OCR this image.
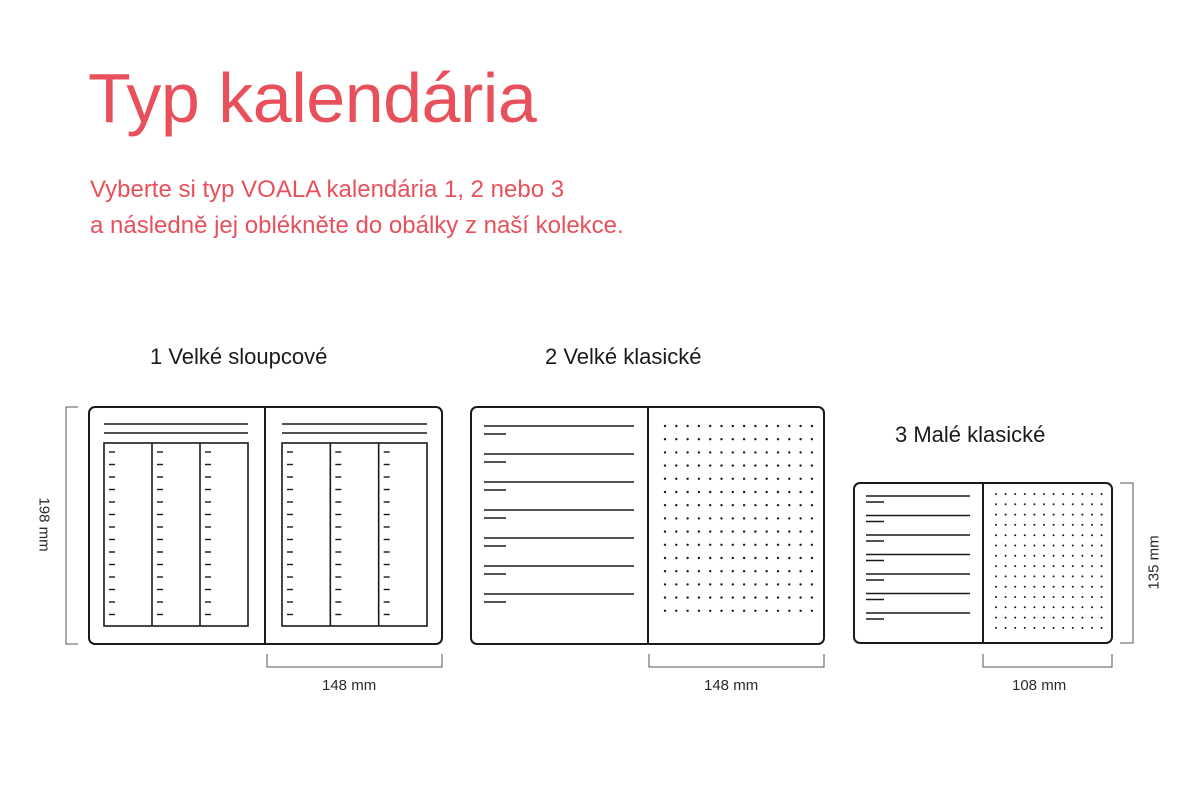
Typ kalendária

Vyberte si typ VOALA kalendária 1, 2 nebo 3
a následně jej oblékněte do obálky z naší kolekce.

1 Velké sloupcové	2 Velké klasické
3 Malé klasické
148 mm	148 mm	108 mm
198 mm
135 mm
